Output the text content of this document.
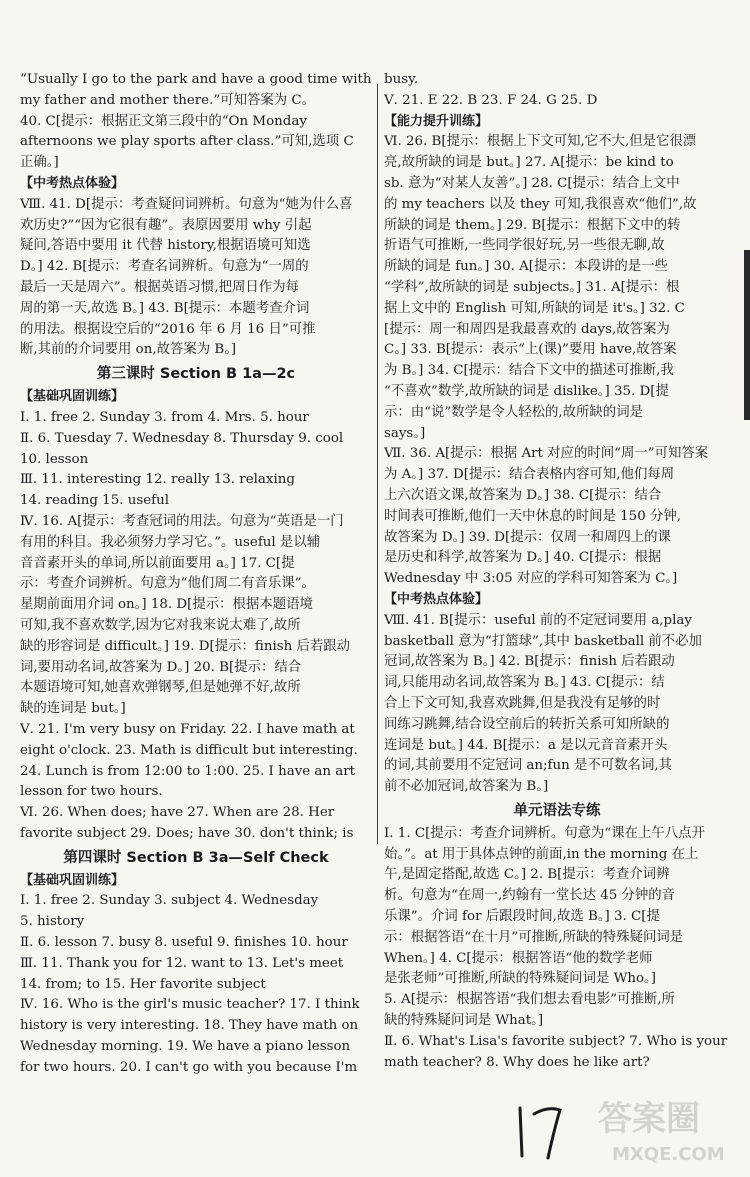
“Usually I go to the park and have a good time with
my father and mother there.”可知答案为 C。
40. C[提示：根据正文第三段中的“On Monday
afternoons we play sports after class.”可知,选项 C
正确。]
【中考热点体验】
Ⅷ. 41. D[提示：考查疑问词辨析。句意为“她为什么喜
欢历史?”“因为它很有趣”。表原因要用 why 引起
疑问,答语中要用 it 代替 history,根据语境可知选
D。] 42. B[提示：考查名词辨析。句意为“一周的
最后一天是周六”。根据英语习惯,把周日作为每
周的第一天,故选 B。] 43. B[提示：本题考查介词
的用法。根据设空后的“2016 年 6 月 16 日”可推
断,其前的介词要用 on,故答案为 B。]
第三课时 Section B 1a—2c
【基础巩固训练】
Ⅰ. 1. free 2. Sunday 3. from 4. Mrs. 5. hour
Ⅱ. 6. Tuesday 7. Wednesday 8. Thursday 9. cool
10. lesson
Ⅲ. 11. interesting 12. really 13. relaxing
14. reading 15. useful
Ⅳ. 16. A[提示：考查冠词的用法。句意为“英语是一门
有用的科目。我必须努力学习它。”。useful 是以辅
音音素开头的单词,所以前面要用 a。] 17. C[提
示：考查介词辨析。句意为“他们周二有音乐课”。
星期前面用介词 on。] 18. D[提示：根据本题语境
可知,我不喜欢数学,因为它对我来说太难了,故所
缺的形容词是 difficult。] 19. D[提示：finish 后若跟动
词,要用动名词,故答案为 D。] 20. B[提示：结合
本题语境可知,她喜欢弹钢琴,但是她弹不好,故所
缺的连词是 but。]
Ⅴ. 21. I'm very busy on Friday. 22. I have math at
eight o'clock. 23. Math is difficult but interesting.
24. Lunch is from 12:00 to 1:00. 25. I have an art
lesson for two hours.
Ⅵ. 26. When does; have 27. When are 28. Her
favorite subject 29. Does; have 30. don't think; is
第四课时 Section B 3a—Self Check
【基础巩固训练】
Ⅰ. 1. free 2. Sunday 3. subject 4. Wednesday
5. history
Ⅱ. 6. lesson 7. busy 8. useful 9. finishes 10. hour
Ⅲ. 11. Thank you for 12. want to 13. Let's meet
14. from; to 15. Her favorite subject
Ⅳ. 16. Who is the girl's music teacher? 17. I think
history is very interesting. 18. They have math on
Wednesday morning. 19. We have a piano lesson
for two hours. 20. I can't go with you because I'm
busy.
Ⅴ. 21. E 22. B 23. F 24. G 25. D
【能力提升训练】
Ⅵ. 26. B[提示：根据上下文可知,它不大,但是它很漂
亮,故所缺的词是 but。] 27. A[提示：be kind to
sb. 意为“对某人友善”。] 28. C[提示：结合上文中
的 my teachers 以及 they 可知,我很喜欢“他们”,故
所缺的词是 them。] 29. B[提示：根据下文中的转
折语气可推断,一些同学很好玩,另一些很无聊,故
所缺的词是 fun。] 30. A[提示：本段讲的是一些
“学科”,故所缺的词是 subjects。] 31. A[提示：根
据上文中的 English 可知,所缺的词是 it's。] 32. C
[提示：周一和周四是我最喜欢的 days,故答案为
C。] 33. B[提示：表示“上(课)”要用 have,故答案
为 B。] 34. C[提示：结合下文中的描述可推断,我
“不喜欢”数学,故所缺的词是 dislike。] 35. D[提
示：由“说”数学是令人轻松的,故所缺的词是
says。]
Ⅶ. 36. A[提示：根据 Art 对应的时间“周一”可知答案
为 A。] 37. D[提示：结合表格内容可知,他们每周
上六次语文课,故答案为 D。] 38. C[提示：结合
时间表可推断,他们一天中休息的时间是 150 分钟,
故答案为 D。] 39. D[提示：仅周一和周四上的课
是历史和科学,故答案为 D。] 40. C[提示：根据
Wednesday 中 3:05 对应的学科可知答案为 C。]
【中考热点体验】
Ⅷ. 41. B[提示：useful 前的不定冠词要用 a,play
basketball 意为“打篮球”,其中 basketball 前不必加
冠词,故答案为 B。] 42. B[提示：finish 后若跟动
词,只能用动名词,故答案为 B。] 43. C[提示：结
合上下文可知,我喜欢跳舞,但是我没有足够的时
间练习跳舞,结合设空前后的转折关系可知所缺的
连词是 but。] 44. B[提示：a 是以元音音素开头
的词,其前要用不定冠词 an;fun 是不可数名词,其
前不必加冠词,故答案为 B。]
单元语法专练
Ⅰ. 1. C[提示：考查介词辨析。句意为“课在上午八点开
始。”。at 用于具体点钟的前面,in the morning 在上
午,是固定搭配,故选 C。] 2. B[提示：考查介词辨
析。句意为“在周一,约翰有一堂长达 45 分钟的音
乐课”。介词 for 后跟段时间,故选 B。] 3. C[提
示：根据答语“在十月”可推断,所缺的特殊疑问词是
When。] 4. C[提示：根据答语“他的数学老师
是张老师”可推断,所缺的特殊疑问词是 Who。]
5. A[提示：根据答语“我们想去看电影”可推断,所
缺的特殊疑问词是 What。]
Ⅱ. 6. What's Lisa's favorite subject? 7. Who is your
math teacher? 8. Why does he like art?
答案圈
MXQE.COM
